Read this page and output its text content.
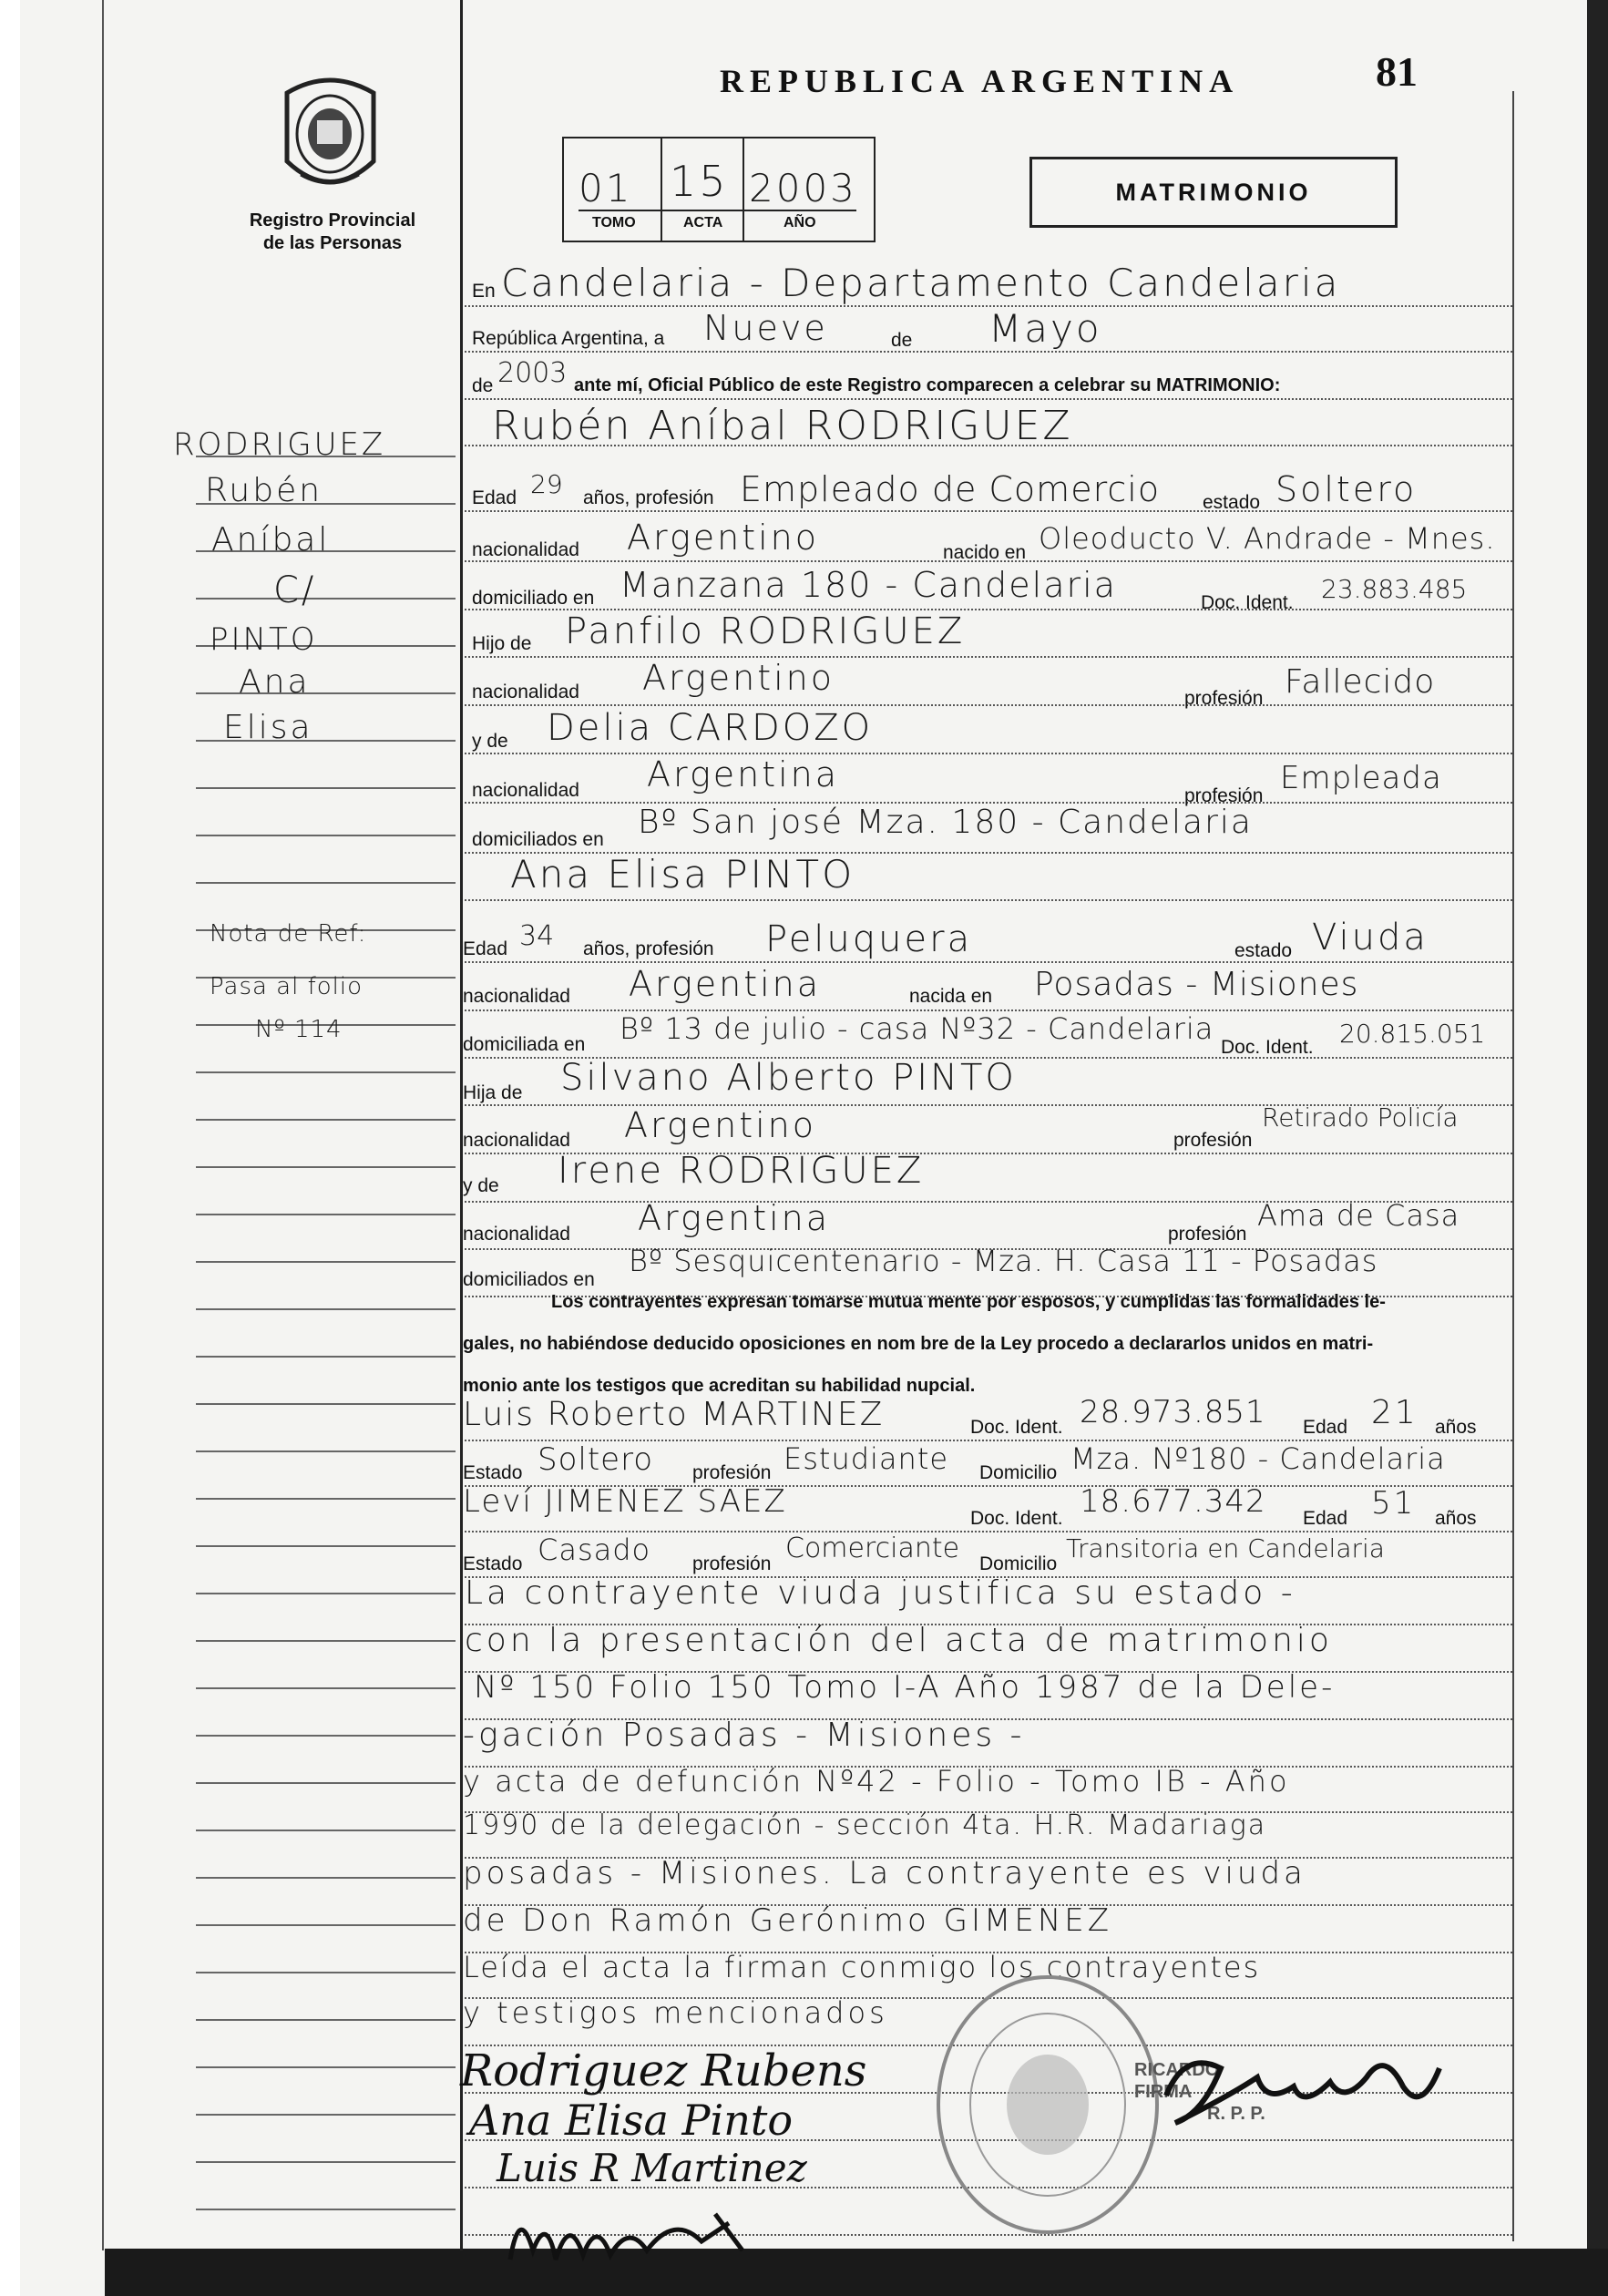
REPUBLICA ARGENTINA	81
Registro Provincial
de las Personas
01 15 2003
TOMO	ACTA	AÑO
MATRIMONIO
RODRIGUEZ
Rubén
Aníbal
C/
PINTO
Ana
Elisa
Nota de Ref:
Pasa al folio
Nº 114
En Candelaria - Departamento Candelaria
República Argentina, a Nueve	de Mayo
de 2003 ante mí, Oficial Público de este Registro comparecen a celebrar su MATRIMONIO:
Rubén Aníbal RODRIGUEZ
Edad 29 años, profesión Empleado de Comercio estado Soltero
nacionalidad Argentino	nacido en Oleoducto V. Andrade - Mnes.
domiciliado en Manzana 180 - Candelaria	Doc. Ident. 23.883.485
Hijo de Panfilo RODRIGUEZ
nacionalidad Argentino
profesión Fallecido
y de Delia CARDOZO
nacionalidad Argentina
profesión Empleada
domiciliados en Bº San josé Mza. 180 - Candelaria
Ana Elisa PINTO
Edad 34 años, profesión Peluquera	estado Viuda
nacionalidad Argentina	nacida en Posadas - Misiones
domiciliada en Bº 13 de julio - casa Nº32 - Candelaria
Doc. Ident. 20.815.051
Hija de Silvano Alberto PINTO
nacionalidad Argentino	profesión
Retirado Policía
y de Irene RODRIGUEZ
nacionalidad Argentina	profesión
Ama de Casa
domiciliados en
Bº Sesquicentenario - Mza. H. Casa 11 - Posadas
Los contrayentes expresan tomarse mutua mente por esposos, y cumplidas las formalidades le-
gales, no habiéndose deducido oposiciones en nom bre de la Ley procedo a declararlos unidos en matri-
monio ante los testigos que acreditan su habilidad nupcial.
Luis Roberto MARTINEZ	Doc. Ident. 28.973.851 Edad 21 años
Estado Soltero profesión Estudiante Domicilio Mza. Nº180 - Candelaria
Leví JIMENEZ SAEZ	Doc. Ident. 18.677.342 Edad 51 años
Estado Casado profesión Comerciante Domicilio
Transitoria en Candelaria
La contrayente viuda justifica su estado -
con la presentación del acta de matrimonio
Nº 150 Folio 150 Tomo I-A Año 1987 de la Dele-
-gación Posadas - Misiones -
y acta de defunción Nº42 - Folio - Tomo IB - Año
1990 de la delegación - sección 4ta. H.R. Madariaga
posadas - Misiones. La contrayente es viuda
de Don Ramón Gerónimo GIMENEZ
Leída el acta la firman conmigo los contrayentes
y testigos mencionados
RICARDO
FIRMA
R. P. P.
Rodriguez Rubens
Ana Elisa Pinto
Luis R Martinez
